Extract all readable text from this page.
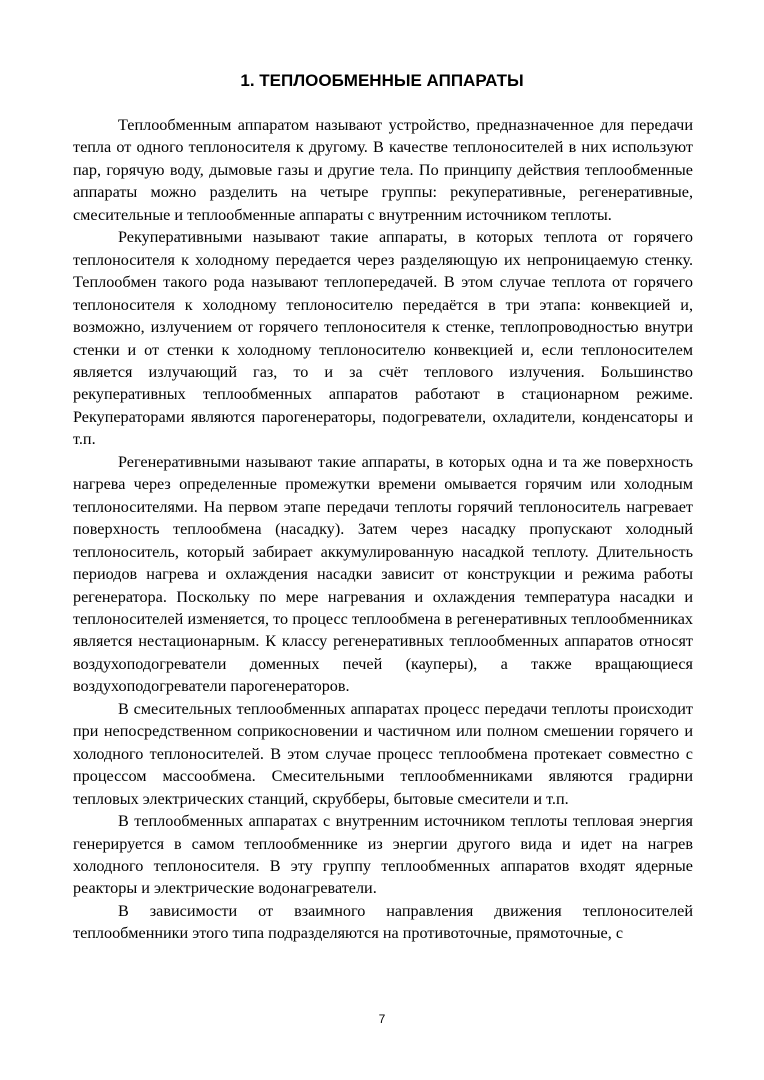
1. ТЕПЛООБМЕННЫЕ АППАРАТЫ

Теплообменным аппаратом называют устройство, предназначенное для передачи тепла от одного теплоносителя к другому. В качестве теплоносителей в них используют пар, горячую воду, дымовые газы и другие тела. По принципу действия теплообменные аппараты можно разделить на четыре группы: рекуперативные, регенеративные, смесительные и теплообменные аппараты с внутренним источником теплоты.

Рекуперативными называют такие аппараты, в которых теплота от горячего теплоносителя к холодному передается через разделяющую их непроницаемую стенку. Теплообмен такого рода называют теплопередачей. В этом случае теплота от горячего теплоносителя к холодному теплоносителю передаётся в три этапа: конвекцией и, возможно, излучением от горячего теплоносителя к стенке, теплопроводностью внутри стенки и от стенки к холодному теплоносителю конвекцией и, если теплоносителем является излучающий газ, то и за счёт теплового излучения. Большинство рекуперативных теплообменных аппаратов работают в стационарном режиме. Рекуператорами являются парогенераторы, подогреватели, охладители, конденсаторы и т.п.

Регенеративными называют такие аппараты, в которых одна и та же поверхность нагрева через определенные промежутки времени омывается горячим или холодным теплоносителями. На первом этапе передачи теплоты горячий теплоноситель нагревает поверхность теплообмена (насадку). Затем через насадку пропускают холодный теплоноситель, который забирает аккумулированную насадкой теплоту. Длительность периодов нагрева и охлаждения насадки зависит от конструкции и режима работы регенератора. Поскольку по мере нагревания и охлаждения температура насадки и теплоносителей изменяется, то процесс теплообмена в регенеративных теплообменниках является нестационарным. К классу регенеративных теплообменных аппаратов относят воздухоподогреватели доменных печей (кауперы), а также вращающиеся воздухоподогреватели парогенераторов.

В смесительных теплообменных аппаратах процесс передачи теплоты происходит при непосредственном соприкосновении и частичном или полном смешении горячего и холодного теплоносителей. В этом случае процесс теплообмена протекает совместно с процессом массообмена. Смесительными теплообменниками являются градирни тепловых электрических станций, скрубберы, бытовые смесители и т.п.

В теплообменных аппаратах с внутренним источником теплоты тепловая энергия генерируется в самом теплообменнике из энергии другого вида и идет на нагрев холодного теплоносителя. В эту группу теплообменных аппаратов входят ядерные реакторы и электрические водонагреватели.

В зависимости от взаимного направления движения теплоносителей теплообменники этого типа подразделяются на противоточные, прямоточные, с

7
